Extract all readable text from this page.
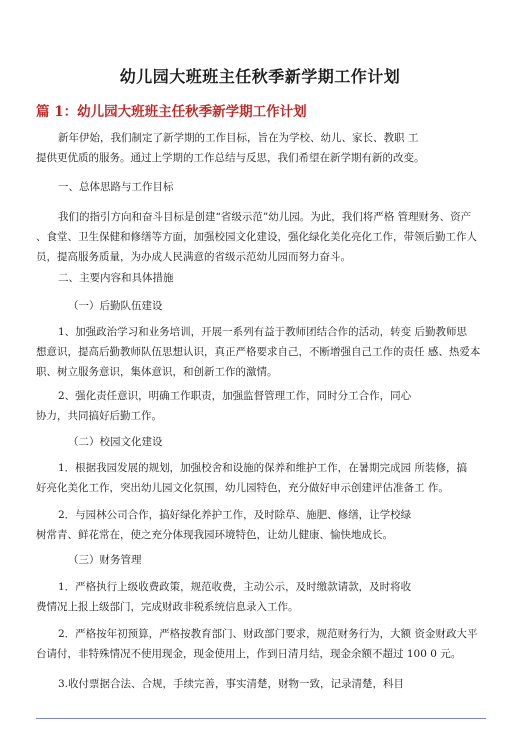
幼儿园大班班主任秋季新学期工作计划
篇 1：幼儿园大班班主任秋季新学期工作计划
新年伊始，我们制定了新学期的工作目标，旨在为学校、幼儿、家长、教职 工
提供更优质的服务。通过上学期的工作总结与反思，我们希望在新学期有新的改变。
一、总体思路与工作目标
我们的指引方向和奋斗目标是创建“省级示范”幼儿园。为此，我们将严格 管理财务、资产
、食堂、卫生保健和修缮等方面，加强校园文化建设，强化绿化美化亮化工作，带领后勤工作人
员，提高服务质量，为办成人民满意的省级示范幼儿园而努力奋斗。
二、主要内容和具体措施
（一）后勤队伍建设
1、加强政治学习和业务培训，开展一系列有益于教师团结合作的活动，转变 后勤教师思
想意识，提高后勤教师队伍思想认识，真正严格要求自己，不断增强自己工作的责任 感、热爱本
职、树立服务意识，集体意识，和创新工作的激情。
2、强化责任意识，明确工作职责，加强监督管理工作，同时分工合作，同心
协力，共同搞好后勤工作。
（二）校园文化建设
1．根据我园发展的规划，加强校舍和设施的保养和维护工作，在暑期完成园 所装修，搞
好亮化美化工作，突出幼儿园文化氛围，幼儿园特色，充分做好申示创建评估准备工 作。
2．与园林公司合作，搞好绿化养护工作，及时除草、施肥、修缮，让学校绿
树常青、鲜花常在，使之充分体现我园环境特色，让幼儿健康、愉快地成长。
（三）财务管理
1．严格执行上级收费政策，规范收费，主动公示，及时缴款请款，及时将收
费情况上报上级部门，完成财政非税系统信息录入工作。
2．严格按年初预算，严格按教育部门、财政部门要求，规范财务行为，大额 资金财政大平
台请付，非特殊情况不使用现金，现金使用上，作到日清月结，现金余额不超过 100 0 元。
3.收付票据合法、合规，手续完善，事实清楚，财物一致，记录清楚，科目
